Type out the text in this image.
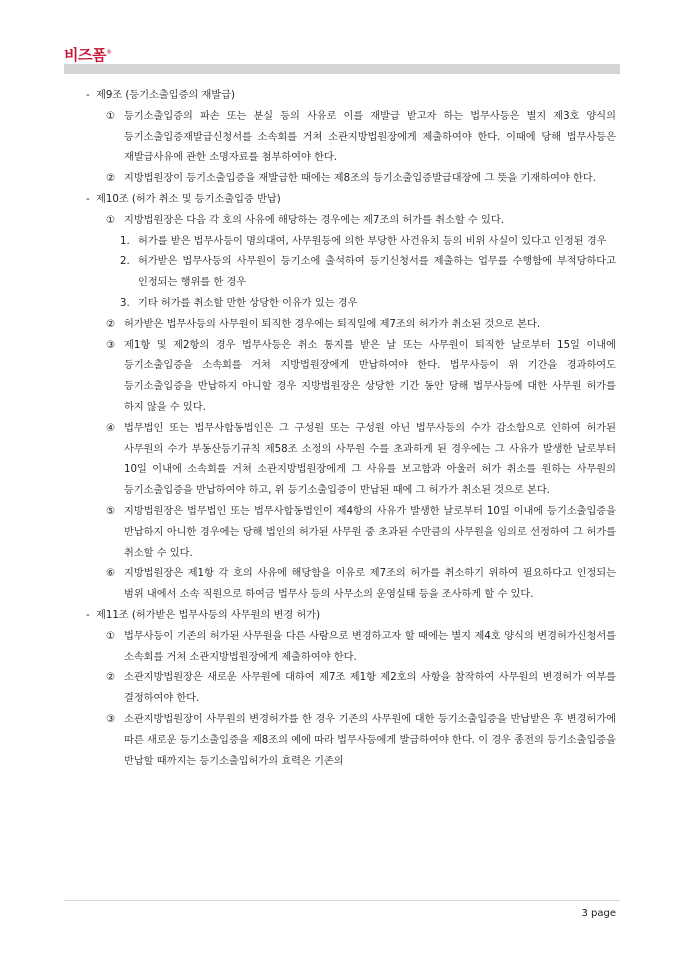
비즈폼®
- 제9조 (등기소출입증의 재발급)
① 등기소출입증의 파손 또는 분실 등의 사유로 이를 재발급 받고자 하는 법무사등은 별지 제3호 양식의 등기소출입증재발급신청서를 소속회를 거쳐 소관지방법원장에게 제출하여야 한다. 이때에 당해 법무사등은 재발급사유에 관한 소명자료를 첨부하여야 한다.
② 지방법원장이 등기소출입증을 재발급한 때에는 제8조의 등기소출입증발급대장에 그 뜻을 기재하여야 한다.
- 제10조 (허가 취소 및 등기소출입증 반납)
① 지방법원장은 다음 각 호의 사유에 해당하는 경우에는 제7조의 허가를 취소할 수 있다.
1. 허가를 받은 법무사등이 명의대여, 사무원등에 의한 부당한 사건유치 등의 비위 사실이 있다고 인정된 경우
2. 허가받은 법무사등의 사무원이 등기소에 출석하여 등기신청서를 제출하는 업무를 수행함에 부적당하다고 인정되는 행위를 한 경우
3. 기타 허가를 취소할 만한 상당한 이유가 있는 경우
② 허가받은 법무사등의 사무원이 퇴직한 경우에는 퇴직일에 제7조의 허가가 취소된 것으로 본다.
③ 제1항 및 제2항의 경우 법무사등은 취소 통지를 받은 날 또는 사무원이 퇴직한 날로부터 15일 이내에 등기소출입증을 소속회를 거쳐 지방법원장에게 반납하여야 한다. 법무사등이 위 기간을 경과하여도 등기소출입증을 반납하지 아니할 경우 지방법원장은 상당한 기간 동안 당해 법무사등에 대한 사무원 허가를 하지 않을 수 있다.
④ 법무법인 또는 법무사합동법인은 그 구성원 또는 구성원 아닌 법무사등의 수가 감소함으로 인하여 허가된 사무원의 수가 부동산등기규칙 제58조 소정의 사무원 수를 초과하게 된 경우에는 그 사유가 발생한 날로부터 10일 이내에 소속회를 거쳐 소관지방법원장에게 그 사유를 보고함과 아울러 허가 취소를 원하는 사무원의 등기소출입증을 반납하여야 하고, 위 등기소출입증이 반납된 때에 그 허가가 취소된 것으로 본다.
⑤ 지방법원장은 법무법인 또는 법무사합동법인이 제4항의 사유가 발생한 날로부터 10일 이내에 등기소출입증을 반납하지 아니한 경우에는 당해 법인의 허가된 사무원 중 초과된 수만큼의 사무원을 임의로 선정하여 그 허가를 취소할 수 있다.
⑥ 지방법원장은 제1항 각 호의 사유에 해당함을 이유로 제7조의 허가를 취소하기 위하여 필요하다고 인정되는 범위 내에서 소속 직원으로 하여금 법무사 등의 사무소의 운영실태 등을 조사하게 할 수 있다.
- 제11조 (허가받은 법무사등의 사무원의 변경 허가)
① 법무사등이 기존의 허가된 사무원을 다른 사람으로 변경하고자 할 때에는 별지 제4호 양식의 변경허가신청서를 소속회를 거쳐 소관지방법원장에게 제출하여야 한다.
② 소관지방법원장은 새로운 사무원에 대하여 제7조 제1항 제2호의 사항을 참작하여 사무원의 변경허가 여부를 결정하여야 한다.
③ 소관지방법원장이 사무원의 변경허가를 한 경우 기존의 사무원에 대한 등기소출입증을 반납받은 후 변경허가에 따른 새로운 등기소출입증을 제8조의 예에 따라 법무사등에게 발급하여야 한다. 이 경우 종전의 등기소출입증을 반납할 때까지는 등기소출입허가의 효력은 기존의
3 page
